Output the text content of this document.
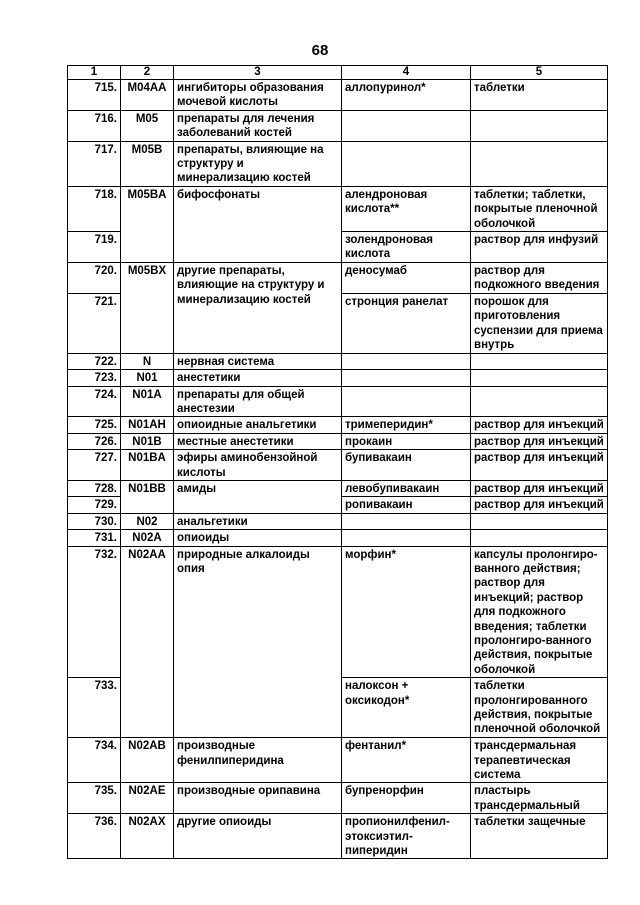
68
1	2	3	4	5
715.	M04AA	ингибиторы образования мочевой кислоты	аллопуринол*	таблетки
716.	M05	препараты для лечения заболеваний костей		
717.	M05B	препараты, влияющие на структуру и минерализацию костей		
718.	M05BA	бифосфонаты	алендроновая кислота**	таблетки; таблетки, покрытые пленочной оболочкой
719.			золендроновая кислота	раствор для инфузий
720.	M05BX	другие препараты, влияющие на структуру и минерализацию костей	деносумаб	раствор для подкожного введения
721.			стронция ранелат	порошок для приготовления суспензии для приема внутрь
722.	N	нервная система		
723.	N01	анестетики		
724.	N01A	препараты для общей анестезии		
725.	N01AH	опиоидные анальгетики	тримеперидин*	раствор для инъекций
726.	N01B	местные анестетики	прокаин	раствор для инъекций
727.	N01BA	эфиры аминобензойной кислоты	бупивакаин	раствор для инъекций
728.	N01BB	амиды	левобупивакаин	раствор для инъекций
729.			ропивакаин	раствор для инъекций
730.	N02	анальгетики		
731.	N02A	опиоиды		
732.	N02AA	природные алкалоиды опия	морфин*	капсулы пролонгиро-ванного действия; раствор для инъекций; раствор для подкожного введения; таблетки пролонгиро-ванного действия, покрытые оболочкой
733.			налоксон + оксикодон*	таблетки пролонгированного действия, покрытые пленочной оболочкой
734.	N02AB	производные фенилпиперидина	фентанил*	трансдермальная терапевтическая система
735.	N02AE	производные орипавина	бупренорфин	пластырь трансдермальный
736.	N02AX	другие опиоиды	пропионилфенил-этоксиэтил-пиперидин	таблетки защечные
